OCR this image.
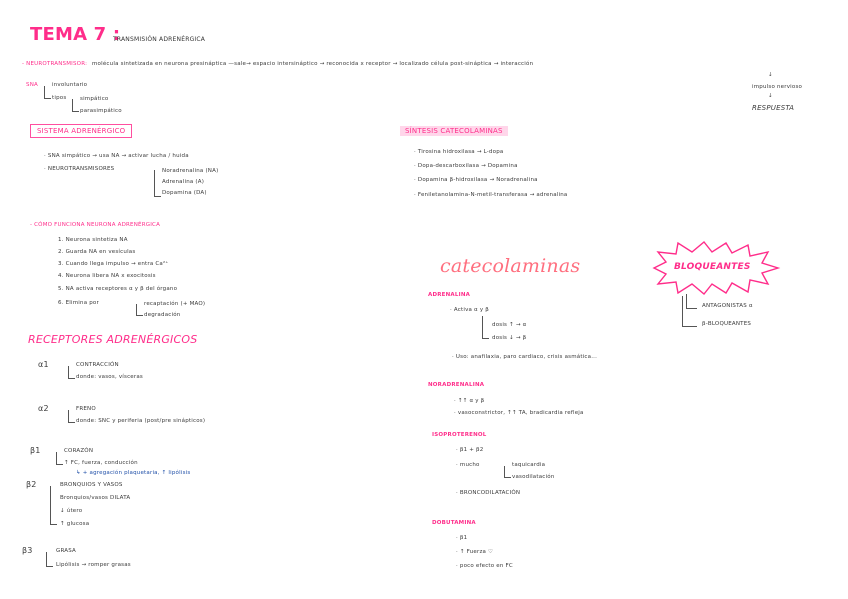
TEMA 7 :
TRANSMISIÓN ADRENÉRGICA
- NEUROTRANSMISOR: molécula sintetizada en neurona presináptica —sale→ espacio intersináptico → reconocida x receptor → localizado célula post-sináptica → interacción
↓
impulso nervioso
↓
RESPUESTA
SNA	involuntario
tipos simpático
parasimpático
SISTEMA ADRENÉRGICO
· SNA simpático → usa NA → activar lucha / huida
· NEUROTRANSMISORES	Noradrenalina (NA)
Adrenalina (A)
Dopamina (DA)
- CÓMO FUNCIONA NEURONA ADRENÉRGICA
1. Neurona sintetiza NA
2. Guarda NA en vesículas
3. Cuando llega impulso → entra Ca²⁺
4. Neurona libera NA x exocitosis
5. NA activa receptores α y β del órgano
6. Elimina por	recaptación (+ MAO)
degradación
RECEPTORES ADRENÉRGICOS
α1	CONTRACCIÓN
donde: vasos, vísceras
α2	FRENO
donde: SNC y periferia (post/pre sinápticos)
β1	CORAZÓN
↑ FC, fuerza, conducción
↳ + agregación plaquetaria, ↑ lipólisis
β2	BRONQUIOS Y VASOS
Bronquios/vasos DILATA
↓ útero
↑ glucosa
β3	GRASA
Lipólisis → romper grasas
SÍNTESIS CATECOLAMINAS
· Tirosina hidroxilasa → L-dopa
· Dopa-descarboxilasa → Dopamina
· Dopamina β-hidroxilasa → Noradrenalina
· Feniletanolamina-N-metil-transferasa → adrenalina
catecolaminas	BLOQUEANTES
ANTAGONISTAS α
β-BLOQUEANTES
ADRENALINA
· Activa α y β
dosis ↑ → α
dosis ↓ → β
· Uso: anafilaxia, paro cardiaco, crisis asmática...
NORADRENALINA
· ↑↑ α y β
· vasoconstrictor, ↑↑ TA, bradicardia refleja
ISOPROTERENOL
· β1 + β2
· mucho	taquicardia
vasodilatación
· BRONCODILATACIÓN
DOBUTAMINA
· β1
· ↑ Fuerza ♡
· poco efecto en FC
